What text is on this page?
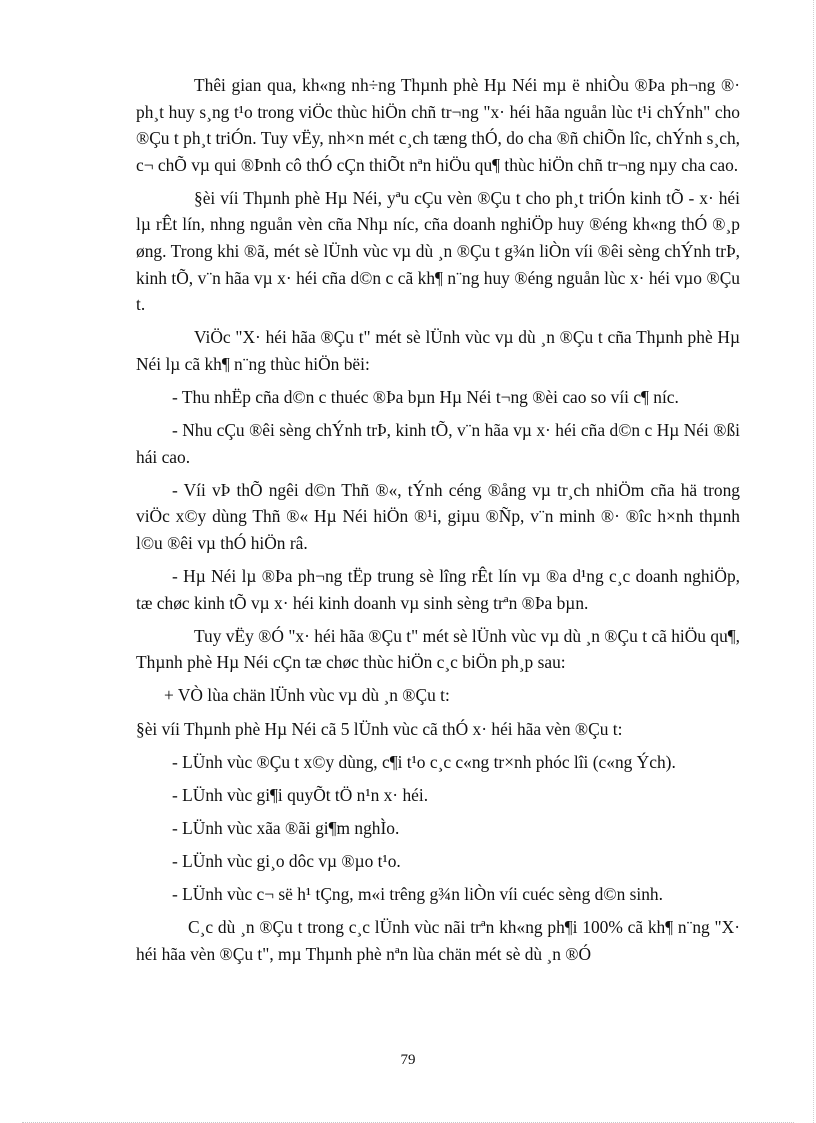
Thêi gian qua, kh«ng nh÷ng Thµnh phè Hµ Néi mµ ë nhiÒu ®Þa ph¬ng ®· ph¸t huy s¸ng t¹o trong viÖc thùc hiÖn chñ tr¬ng "x· héi hãa nguån lùc t¹i chÝnh" cho ®Çu t ph¸t triÓn. Tuy vËy, nh×n mét c¸ch tæng thÓ, do cha ®ñ chiÕn lîc, chÝnh s¸ch, c¬ chÕ vµ qui ®Þnh cô thÓ cÇn thiÕt nªn hiÖu qu¶ thùc hiÖn chñ tr¬ng nµy cha cao.

§èi víi Thµnh phè Hµ Néi, yªu cÇu vèn ®Çu t cho ph¸t triÓn kinh tÕ - x· héi lµ rÊt lín, nhng nguån vèn cña Nhµ níc, cña doanh nghiÖp huy ®éng kh«ng thÓ ®¸p øng. Trong khi ®ã, mét sè lÜnh vùc vµ dù ¸n ®Çu t g¾n liÒn víi ®êi sèng chÝnh trÞ, kinh tÕ, v¨n hãa vµ x· héi cña d©n c cã kh¶ n¨ng huy ®éng nguån lùc x· héi vµo ®Çu t.

ViÖc "X· héi hãa ®Çu t" mét sè lÜnh vùc vµ dù ¸n ®Çu t cña Thµnh phè Hµ Néi lµ cã kh¶ n¨ng thùc hiÖn bëi:

- Thu nhËp cña d©n c thuéc ®Þa bµn Hµ Néi t¬ng ®èi cao so víi c¶ níc.

- Nhu cÇu ®êi sèng chÝnh trÞ, kinh tÕ, v¨n hãa vµ x· héi cña d©n c Hµ Néi ®ßi hái cao.

- Víi vÞ thÕ ngêi d©n Thñ ®«, tÝnh céng ®ång vµ tr¸ch nhiÖm cña hä trong viÖc x©y dùng Thñ ®« Hµ Néi hiÖn ®¹i, giµu ®Ñp, v¨n minh ®· ®îc h×nh thµnh l©u ®êi vµ thÓ hiÖn râ.

- Hµ Néi lµ ®Þa ph¬ng tËp trung sè lîng rÊt lín vµ ®a d¹ng c¸c doanh nghiÖp, tæ chøc kinh tÕ vµ x· héi kinh doanh vµ sinh sèng trªn ®Þa bµn.

Tuy vËy ®Ó "x· héi hãa ®Çu t" mét sè lÜnh vùc vµ dù ¸n ®Çu t cã hiÖu qu¶, Thµnh phè Hµ Néi cÇn tæ chøc thùc hiÖn c¸c biÖn ph¸p sau:

+ VÒ lùa chän lÜnh vùc vµ dù ¸n ®Çu t:

§èi víi Thµnh phè Hµ Néi cã 5 lÜnh vùc cã thÓ x· héi hãa vèn ®Çu t:

- LÜnh vùc ®Çu t x©y dùng, c¶i t¹o c¸c c«ng tr×nh phóc lîi (c«ng Ých).

- LÜnh vùc gi¶i quyÕt tÖ n¹n x· héi.

- LÜnh vùc xãa ®ãi gi¶m nghÌo.

- LÜnh vùc gi¸o dôc vµ ®µo t¹o.

- LÜnh vùc c¬ së h¹ tÇng, m«i trêng g¾n liÒn víi cuéc sèng d©n sinh.

C¸c dù ¸n ®Çu t trong c¸c lÜnh vùc nãi trªn kh«ng ph¶i 100% cã kh¶ n¨ng "X· héi hãa vèn ®Çu t", mµ Thµnh phè nªn lùa chän mét sè dù ¸n ®Ó

79
